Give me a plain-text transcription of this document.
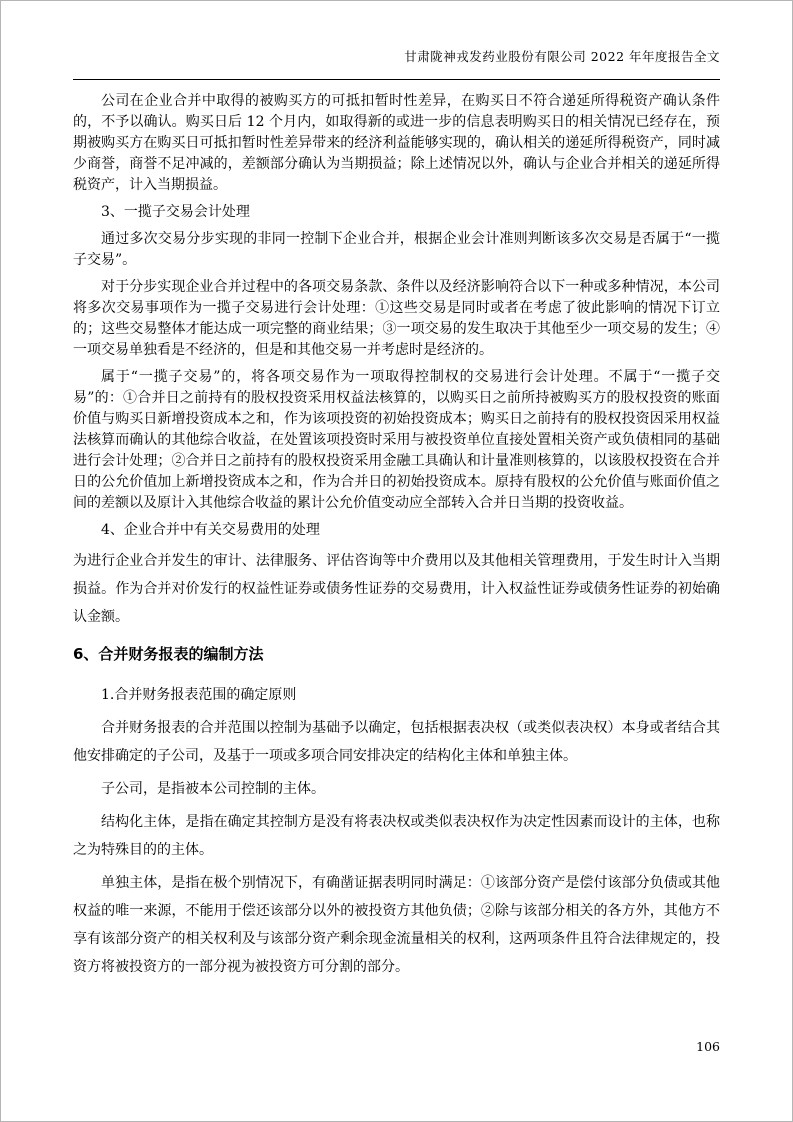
甘肃陇神戎发药业股份有限公司 2022 年年度报告全文

公司在企业合并中取得的被购买方的可抵扣暂时性差异，在购买日不符合递延所得税资产确认条件的，不予以确认。购买日后 12 个月内，如取得新的或进一步的信息表明购买日的相关情况已经存在，预期被购买方在购买日可抵扣暂时性差异带来的经济利益能够实现的，确认相关的递延所得税资产，同时减少商誉，商誉不足冲减的，差额部分确认为当期损益；除上述情况以外，确认与企业合并相关的递延所得税资产，计入当期损益。

3、一揽子交易会计处理

通过多次交易分步实现的非同一控制下企业合并，根据企业会计准则判断该多次交易是否属于“一揽子交易”。

对于分步实现企业合并过程中的各项交易条款、条件以及经济影响符合以下一种或多种情况，本公司将多次交易事项作为一揽子交易进行会计处理：①这些交易是同时或者在考虑了彼此影响的情况下订立的；这些交易整体才能达成一项完整的商业结果；③一项交易的发生取决于其他至少一项交易的发生；④一项交易单独看是不经济的，但是和其他交易一并考虑时是经济的。

属于“一揽子交易”的，将各项交易作为一项取得控制权的交易进行会计处理。不属于“一揽子交易”的：①合并日之前持有的股权投资采用权益法核算的，以购买日之前所持被购买方的股权投资的账面价值与购买日新增投资成本之和，作为该项投资的初始投资成本；购买日之前持有的股权投资因采用权益法核算而确认的其他综合收益，在处置该项投资时采用与被投资单位直接处置相关资产或负债相同的基础进行会计处理；②合并日之前持有的股权投资采用金融工具确认和计量准则核算的，以该股权投资在合并日的公允价值加上新增投资成本之和，作为合并日的初始投资成本。原持有股权的公允价值与账面价值之间的差额以及原计入其他综合收益的累计公允价值变动应全部转入合并日当期的投资收益。

4、企业合并中有关交易费用的处理

为进行企业合并发生的审计、法律服务、评估咨询等中介费用以及其他相关管理费用，于发生时计入当期损益。作为合并对价发行的权益性证券或债务性证券的交易费用，计入权益性证券或债务性证券的初始确认金额。

6、合并财务报表的编制方法

1.合并财务报表范围的确定原则

合并财务报表的合并范围以控制为基础予以确定，包括根据表决权（或类似表决权）本身或者结合其他安排确定的子公司，及基于一项或多项合同安排决定的结构化主体和单独主体。

子公司，是指被本公司控制的主体。

结构化主体，是指在确定其控制方是没有将表决权或类似表决权作为决定性因素而设计的主体，也称之为特殊目的的主体。

单独主体，是指在极个别情况下，有确凿证据表明同时满足：①该部分资产是偿付该部分负债或其他权益的唯一来源，不能用于偿还该部分以外的被投资方其他负债；②除与该部分相关的各方外，其他方不享有该部分资产的相关权利及与该部分资产剩余现金流量相关的权利，这两项条件且符合法律规定的，投资方将被投资方的一部分视为被投资方可分割的部分。

106
